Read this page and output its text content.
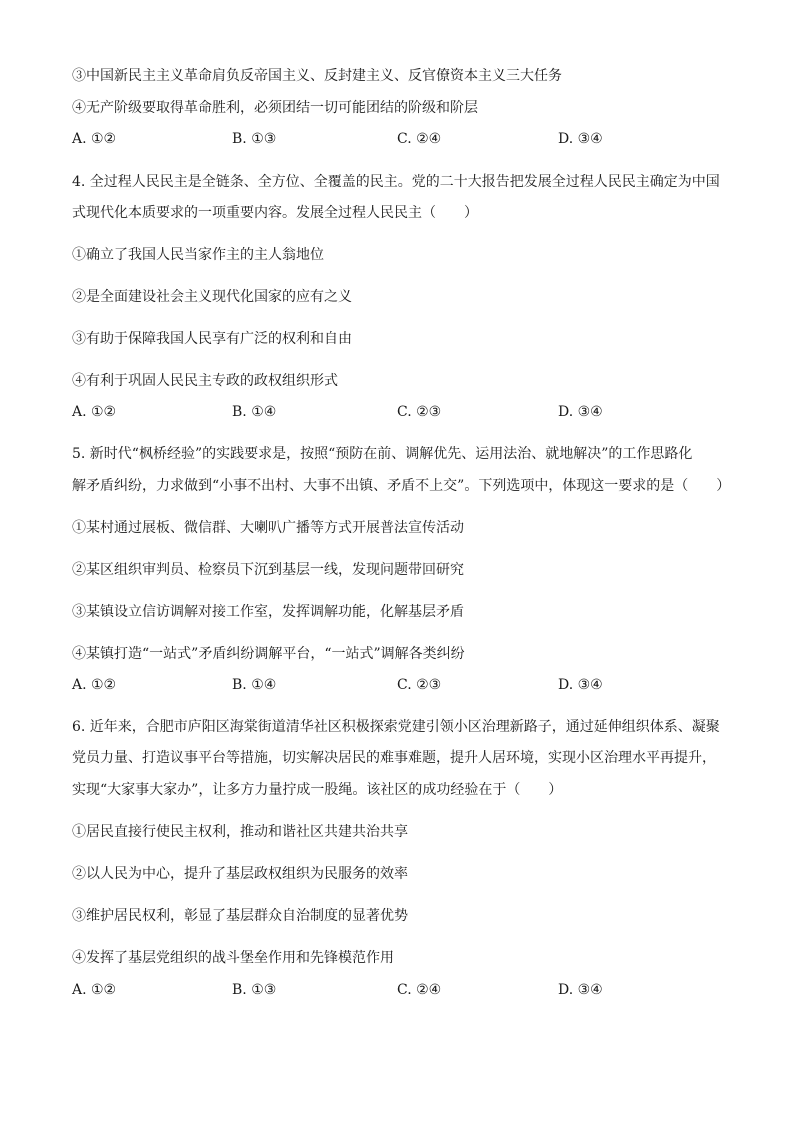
③中国新民主主义革命肩负反帝国主义、反封建主义、反官僚资本主义三大任务
④无产阶级要取得革命胜利，必须团结一切可能团结的阶级和阶层
A. ①②	B. ①③	C. ②④	D. ③④
4. 全过程人民民主是全链条、全方位、全覆盖的民主。党的二十大报告把发展全过程人民民主确定为中国
式现代化本质要求的一项重要内容。发展全过程人民民主（　　）
①确立了我国人民当家作主的主人翁地位
②是全面建设社会主义现代化国家的应有之义
③有助于保障我国人民享有广泛的权利和自由
④有利于巩固人民民主专政的政权组织形式
A. ①②	B. ①④	C. ②③	D. ③④
5. 新时代“枫桥经验”的实践要求是，按照“预防在前、调解优先、运用法治、就地解决”的工作思路化
解矛盾纠纷，力求做到“小事不出村、大事不出镇、矛盾不上交”。下列选项中，体现这一要求的是（　　）
①某村通过展板、微信群、大喇叭广播等方式开展普法宣传活动
②某区组织审判员、检察员下沉到基层一线，发现问题带回研究
③某镇设立信访调解对接工作室，发挥调解功能，化解基层矛盾
④某镇打造“一站式”矛盾纠纷调解平台，“一站式”调解各类纠纷
A. ①②	B. ①④	C. ②③	D. ③④
6. 近年来，合肥市庐阳区海棠街道清华社区积极探索党建引领小区治理新路子，通过延伸组织体系、凝聚
党员力量、打造议事平台等措施，切实解决居民的难事难题，提升人居环境，实现小区治理水平再提升，
实现“大家事大家办”，让多方力量拧成一股绳。该社区的成功经验在于（　　）
①居民直接行使民主权利，推动和谐社区共建共治共享
②以人民为中心，提升了基层政权组织为民服务的效率
③维护居民权利，彰显了基层群众自治制度的显著优势
④发挥了基层党组织的战斗堡垒作用和先锋模范作用
A. ①②	B. ①③	C. ②④	D. ③④
